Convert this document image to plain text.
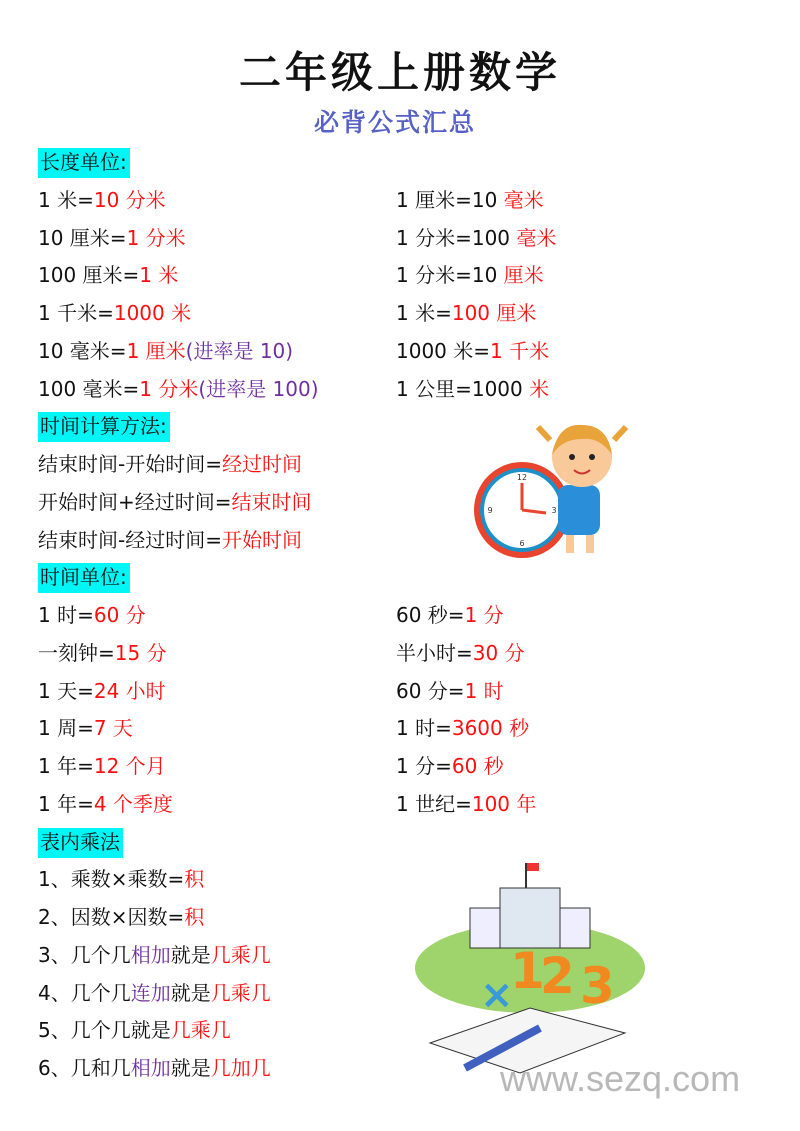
二年级上册数学
必背公式汇总
长度单位:
1 米=10 分米	1 厘米=10 毫米
10 厘米=1 分米	1 分米=100 毫米
100 厘米=1 米	1 分米=10 厘米
1 千米=1000 米	1 米=100 厘米
10 毫米=1 厘米(进率是 10)	1000 米=1 千米
100 毫米=1 分米(进率是 100)	1 公里=1000 米
时间计算方法:
结束时间-开始时间=经过时间
开始时间+经过时间=结束时间
结束时间-经过时间=开始时间
时间单位:
1 时=60 分	60 秒=1 分
一刻钟=15 分	半小时=30 分
1 天=24 小时	60 分=1 时
1 周=7 天	1 时=3600 秒
1 年=12 个月	1 分=60 秒
1 年=4 个季度	1 世纪=100 年
表内乘法
1、乘数×乘数=积
2、因数×因数=积
3、几个几相加就是几乘几
4、几个几连加就是几乘几
5、几个几就是几乘几
6、几和几相加就是几加几
12
3
6
9
1
2 3
×
www.sezq.com
